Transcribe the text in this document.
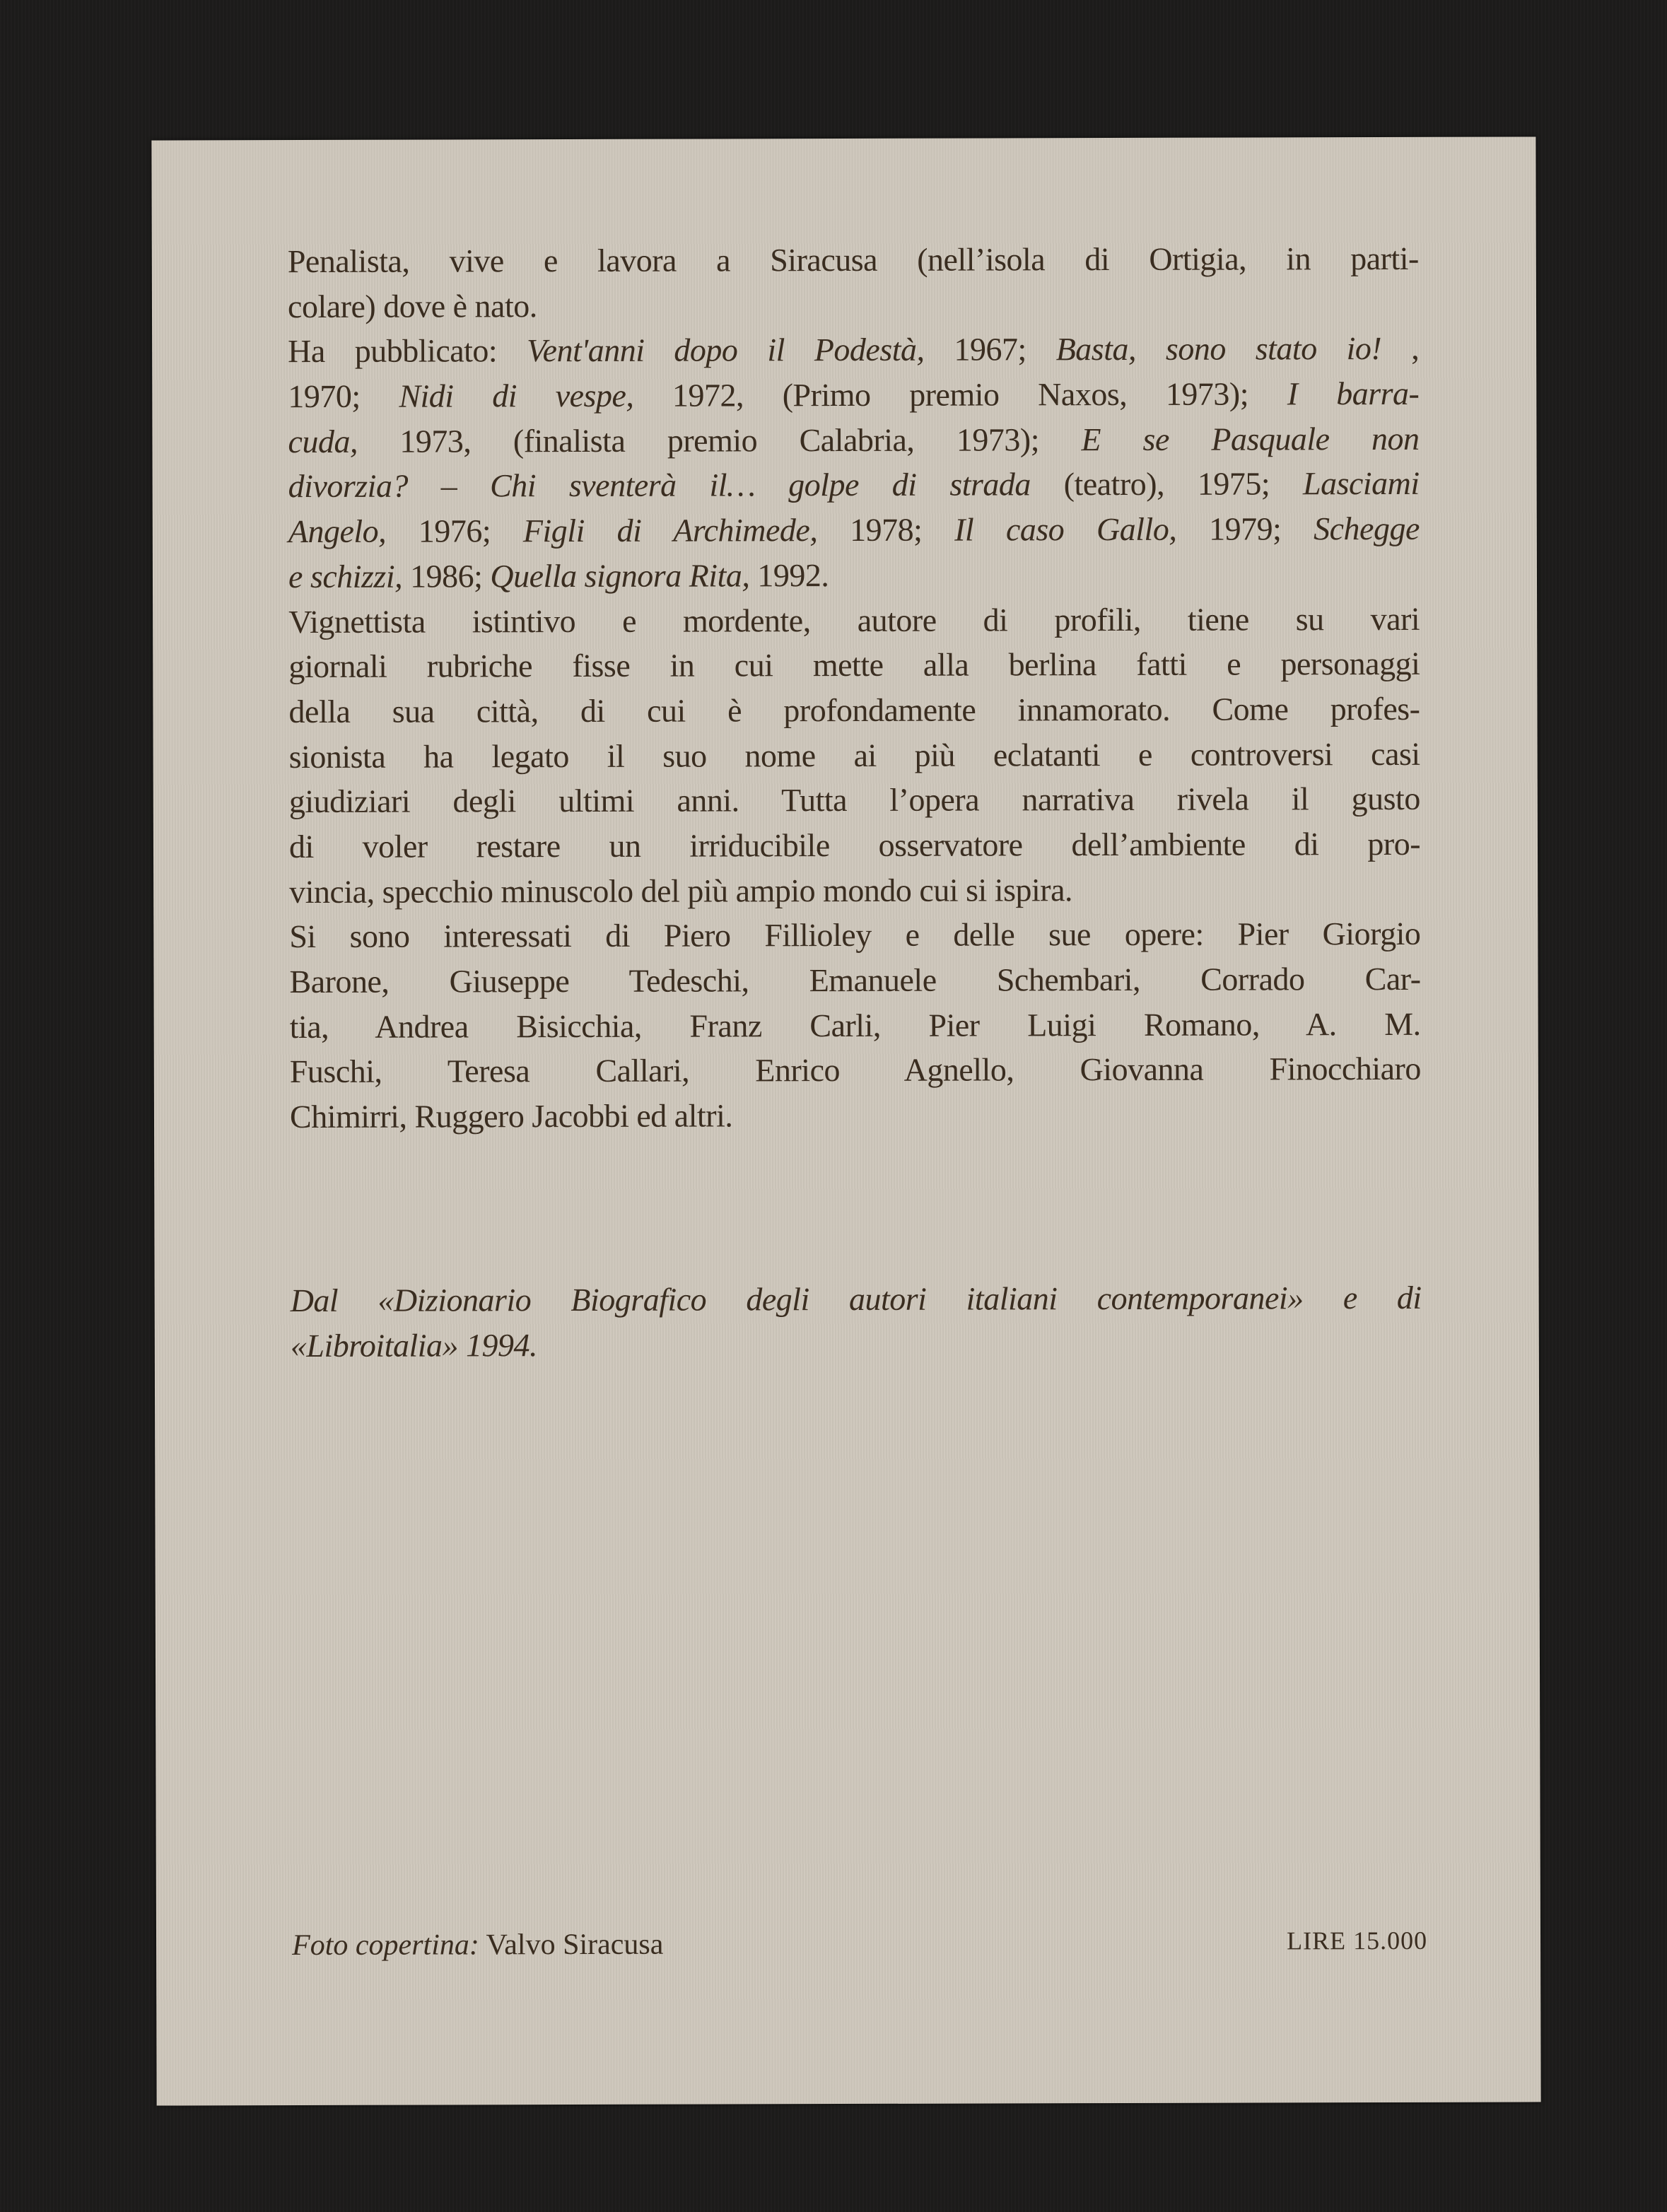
Penalista, vive e lavora a Siracusa (nell’isola di Ortigia, in parti-
colare) dove è nato.
Ha pubblicato: Vent'anni dopo il Podestà, 1967; Basta, sono stato io! ,
1970; Nidi di vespe, 1972, (Primo premio Naxos, 1973); I barra-
cuda, 1973, (finalista premio Calabria, 1973); E se Pasquale non
divorzia? – Chi sventerà il… golpe di strada (teatro), 1975; Lasciami
Angelo, 1976; Figli di Archimede, 1978; Il caso Gallo, 1979; Schegge
e schizzi, 1986; Quella signora Rita, 1992.
Vignettista istintivo e mordente, autore di profili, tiene su vari
giornali rubriche fisse in cui mette alla berlina fatti e personaggi
della sua città, di cui è profondamente innamorato. Come profes-
sionista ha legato il suo nome ai più eclatanti e controversi casi
giudiziari degli ultimi anni. Tutta l’opera narrativa rivela il gusto
di voler restare un irriducibile osservatore dell’ambiente di pro-
vincia, specchio minuscolo del più ampio mondo cui si ispira.
Si sono interessati di Piero Fillioley e delle sue opere: Pier Giorgio
Barone, Giuseppe Tedeschi, Emanuele Schembari, Corrado Car-
tia, Andrea Bisicchia, Franz Carli, Pier Luigi Romano, A. M.
Fuschi, Teresa Callari, Enrico Agnello, Giovanna Finocchiaro
Chimirri, Ruggero Jacobbi ed altri.
Dal «Dizionario Biografico degli autori italiani contemporanei» e di
«Libroitalia» 1994.
Foto copertina: Valvo Siracusa	LIRE 15.000
